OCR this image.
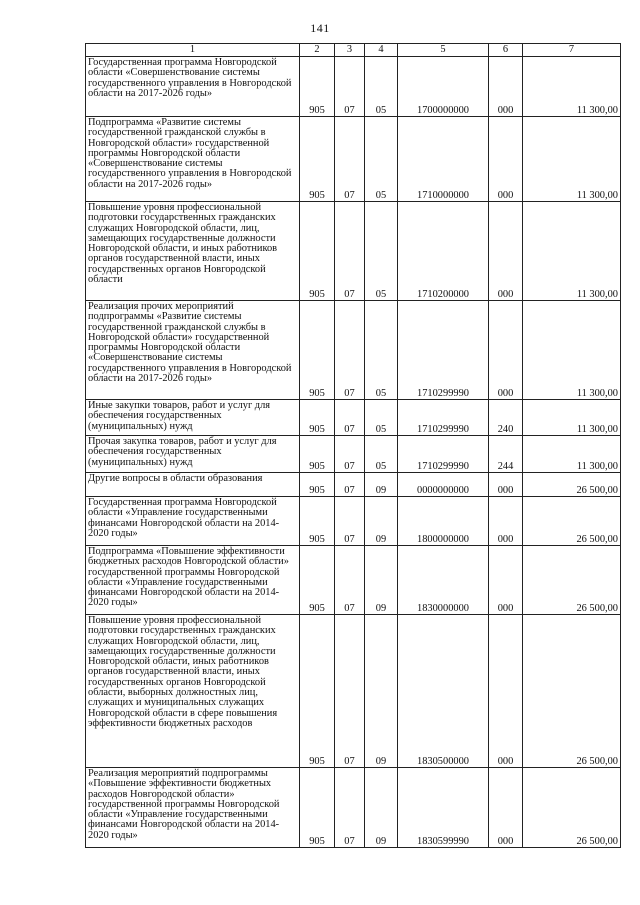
141
1	2	3	4	5	6	7
Государственная программа Новгородской области «Совершенствование системы государственного управления в Новгородской области на 2017-2026 годы»	905	07	05	1700000000	000	11 300,00
Подпрограмма «Развитие системы государственной гражданской службы в Новгородской области» государственной программы Новгородской области «Совершенствование системы государственного управления в Новгородской области на 2017-2026 годы»	905	07	05	1710000000	000	11 300,00
Повышение уровня профессиональной подготовки государственных гражданских служащих Новгородской области, лиц, замещающих государственные должности Новгородской области, и иных работников органов государственной власти, иных государственных органов Новгородской области	905	07	05	1710200000	000	11 300,00
Реализация прочих мероприятий подпрограммы «Развитие системы государственной гражданской службы в Новгородской области» государственной программы Новгородской области «Совершенствование системы государственного управления в Новгородской области на 2017-2026 годы»	905	07	05	1710299990	000	11 300,00
Иные закупки товаров, работ и услуг для обеспечения государственных (муниципальных) нужд	905	07	05	1710299990	240	11 300,00
Прочая закупка товаров, работ и услуг для обеспечения государственных (муниципальных) нужд	905	07	05	1710299990	244	11 300,00
Другие вопросы в области образования	905	07	09	0000000000	000	26 500,00
Государственная программа Новгородской области «Управление государственными финансами Новгородской области на 2014-2020 годы»	905	07	09	1800000000	000	26 500,00
Подпрограмма «Повышение эффективности бюджетных расходов Новгородской области» государственной программы Новгородской области «Управление государственными финансами Новгородской области на 2014-2020 годы»	905	07	09	1830000000	000	26 500,00
Повышение уровня профессиональной подготовки государственных гражданских служащих Новгородской области, лиц, замещающих государственные должности Новгородской области, иных работников органов государственной власти, иных государственных органов Новгородской области, выборных должностных лиц, служащих и муниципальных служащих Новгородской области в сфере повышения эффективности бюджетных расходов	905	07	09	1830500000	000	26 500,00
Реализация мероприятий подпрограммы «Повышение эффективности бюджетных расходов Новгородской области» государственной программы Новгородской области «Управление государственными финансами Новгородской области на 2014-2020 годы»	905	07	09	1830599990	000	26 500,00
